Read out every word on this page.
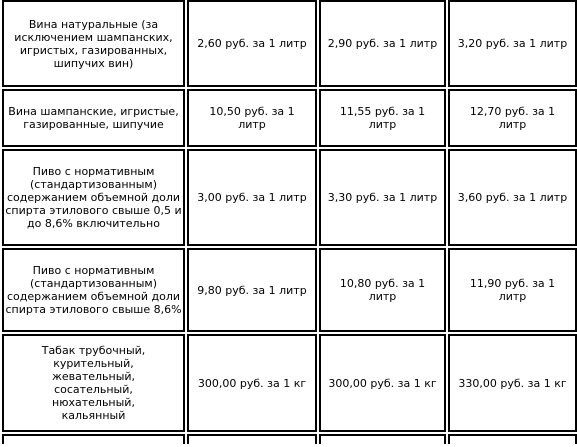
Вина натуральные (за исключением шампанских, игристых, газированных, шипучих вин)	2,60 руб. за 1 литр	2,90 руб. за 1 литр	3,20 руб. за 1 литр
Вина шампанские, игристые, газированные, шипучие	10,50 руб. за 1 литр	11,55 руб. за 1 литр	12,70 руб. за 1 литр
Пиво с нормативным (стандартизованным) содержанием объемной доли спирта этилового свыше 0,5 и до 8,6% включительно	3,00 руб. за 1 литр	3,30 руб. за 1 литр	3,60 руб. за 1 литр
Пиво с нормативным (стандартизованным) содержанием объемной доли спирта этилового свыше 8,6%	9,80 руб. за 1 литр	10,80 руб. за 1 литр	11,90 руб. за 1 литр
Табак трубочный, курительный, жевательный, сосательный, нюхательный, кальянный	300,00 руб. за 1 кг	300,00 руб. за 1 кг	330,00 руб. за 1 кг
